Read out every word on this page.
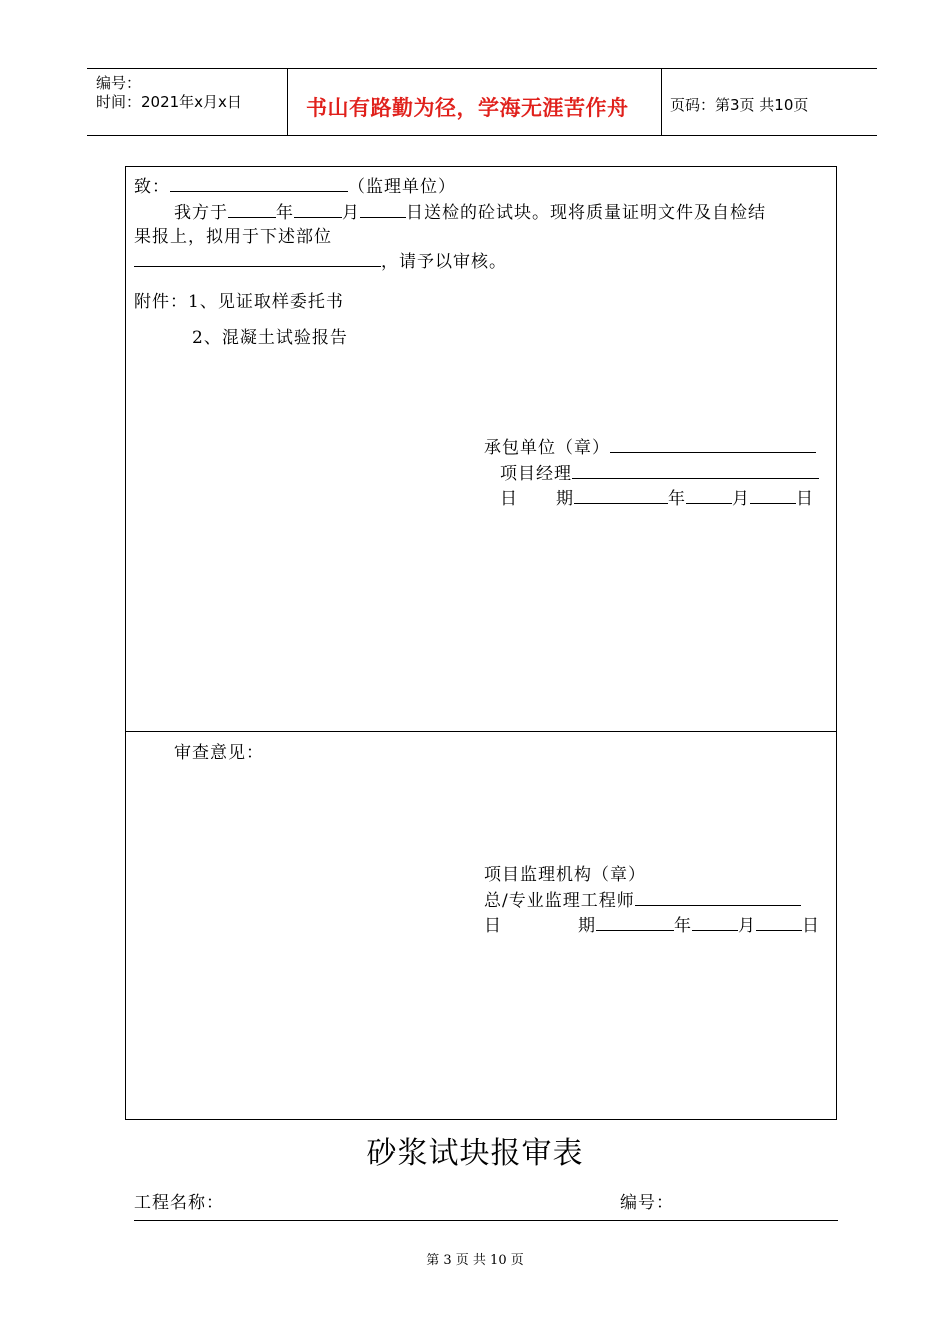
编号：
时间：2021年x月x日	书山有路勤为径，学海无涯苦作舟	页码：第3页 共10页
致：	（监理单位）
我方于	年	月	日送检的砼试块。现将质量证明文件及自检结
果报上，拟用于下述部位
，请予以审核。
附件：1、见证取样委托书
2、混凝土试验报告
承包单位（章）
项目经理
日 期	年	月	日
审查意见：
项目监理机构（章）
总/专业监理工程师
日	期	年	月	日
砂浆试块报审表
工程名称：	编号：
第 3 页 共 10 页
